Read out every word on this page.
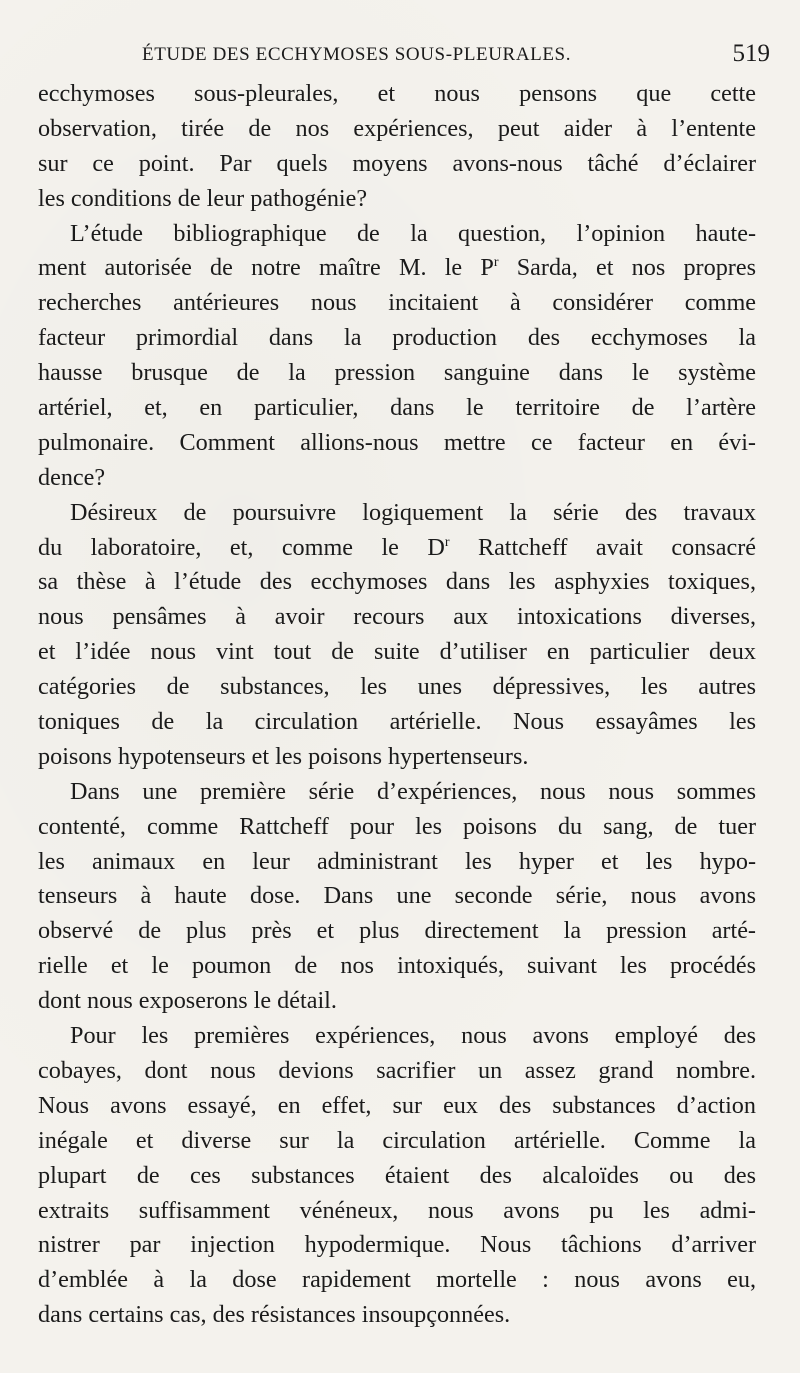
ÉTUDE DES ECCHYMOSES SOUS-PLEURALES.	519
ecchymoses sous-pleurales, et nous pensons que cette
observation, tirée de nos expériences, peut aider à l’entente
sur ce point. Par quels moyens avons-nous tâché d’éclairer
les conditions de leur pathogénie?
L’étude bibliographique de la question, l’opinion haute-
ment autorisée de notre maître M. le $P^r$ Sarda, et nos propres
recherches antérieures nous incitaient à considérer comme
facteur primordial dans la production des ecchymoses la
hausse brusque de la pression sanguine dans le système
artériel, et, en particulier, dans le territoire de l’artère
pulmonaire. Comment allions-nous mettre ce facteur en évi-
dence?
Désireux de poursuivre logiquement la série des travaux
du laboratoire, et, comme le $D^r$ Rattcheff avait consacré
sa thèse à l’étude des ecchymoses dans les asphyxies toxiques,
nous pensâmes à avoir recours aux intoxications diverses,
et l’idée nous vint tout de suite d’utiliser en particulier deux
catégories de substances, les unes dépressives, les autres
toniques de la circulation artérielle. Nous essayâmes les
poisons hypotenseurs et les poisons hypertenseurs.
Dans une première série d’expériences, nous nous sommes
contenté, comme Rattcheff pour les poisons du sang, de tuer
les animaux en leur administrant les hyper et les hypo-
tenseurs à haute dose. Dans une seconde série, nous avons
observé de plus près et plus directement la pression arté-
rielle et le poumon de nos intoxiqués, suivant les procédés
dont nous exposerons le détail.
Pour les premières expériences, nous avons employé des
cobayes, dont nous devions sacrifier un assez grand nombre.
Nous avons essayé, en effet, sur eux des substances d’action
inégale et diverse sur la circulation artérielle. Comme la
plupart de ces substances étaient des alcaloïdes ou des
extraits suffisamment vénéneux, nous avons pu les admi-
nistrer par injection hypodermique. Nous tâchions d’arriver
d’emblée à la dose rapidement mortelle : nous avons eu,
dans certains cas, des résistances insoupçonnées.
